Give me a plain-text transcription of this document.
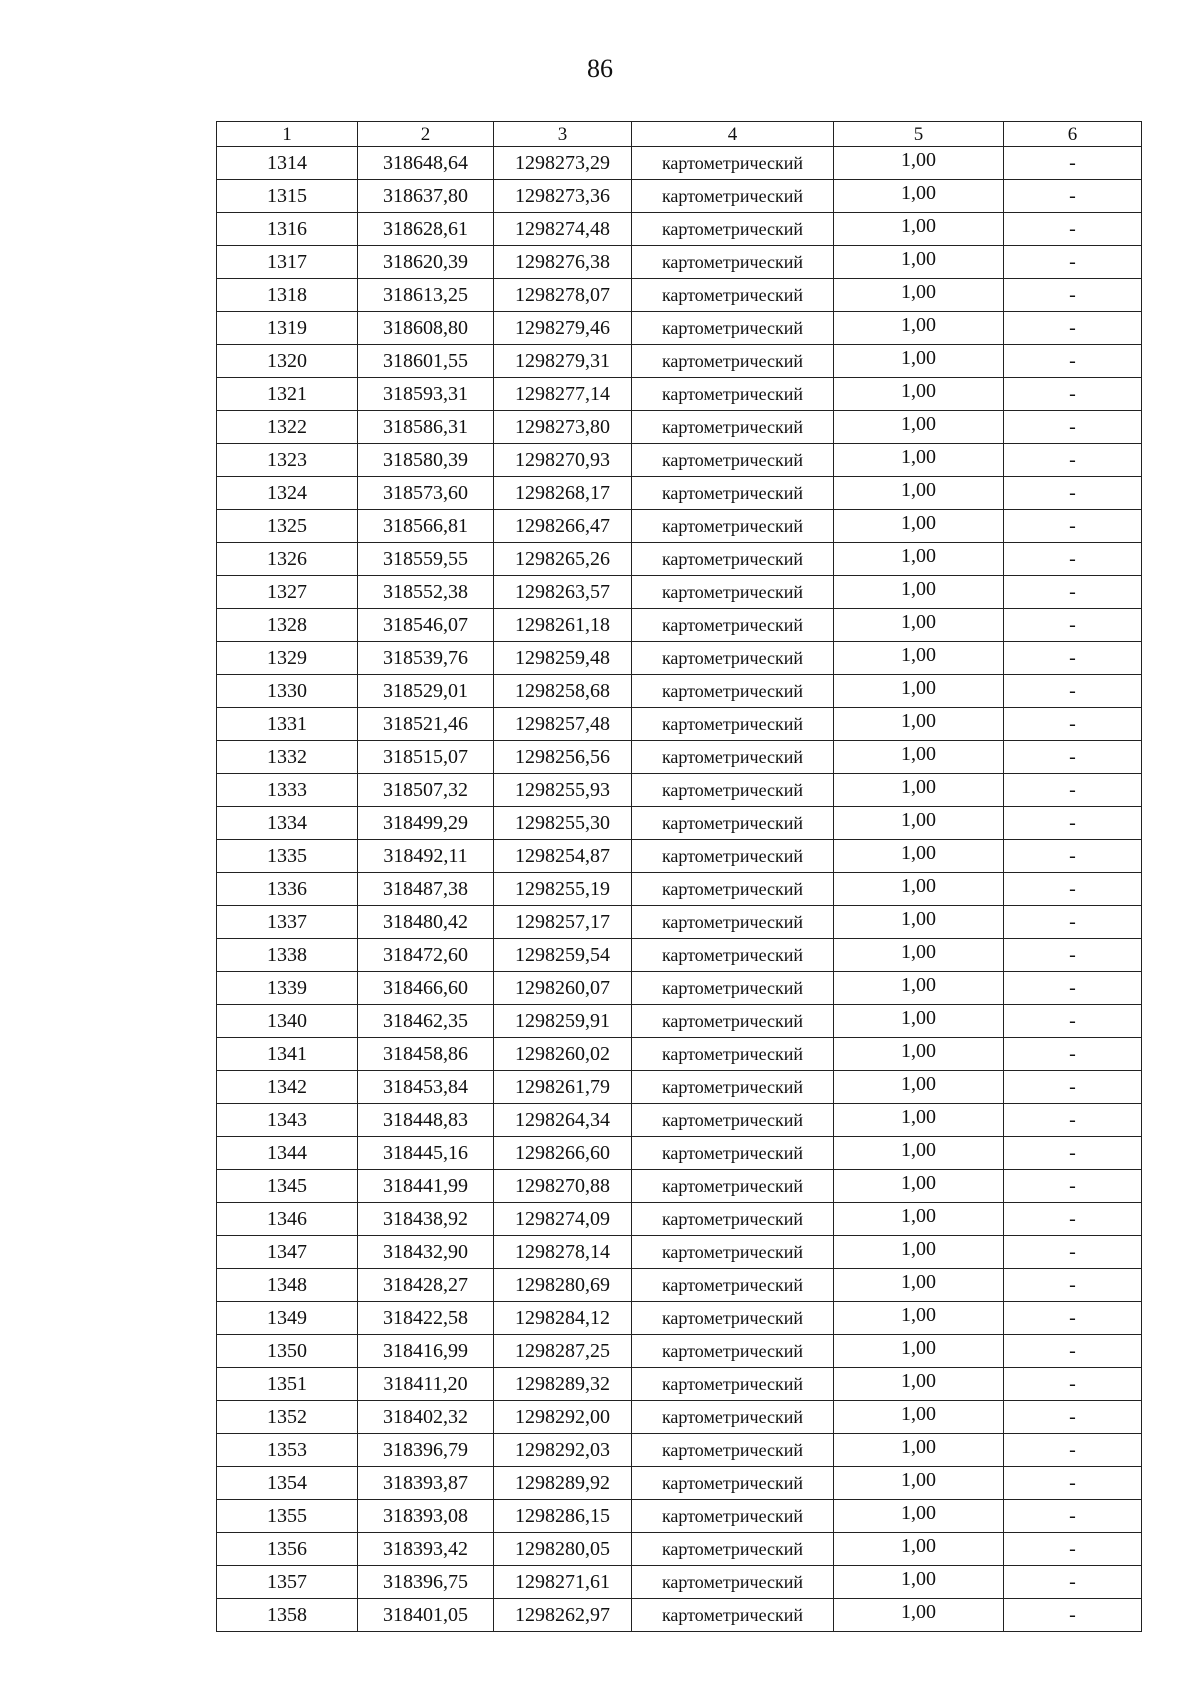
86
1	2	3	4	5	6
1314	318648,64	1298273,29	картометрический	1,00	-
1315	318637,80	1298273,36	картометрический	1,00	-
1316	318628,61	1298274,48	картометрический	1,00	-
1317	318620,39	1298276,38	картометрический	1,00	-
1318	318613,25	1298278,07	картометрический	1,00	-
1319	318608,80	1298279,46	картометрический	1,00	-
1320	318601,55	1298279,31	картометрический	1,00	-
1321	318593,31	1298277,14	картометрический	1,00	-
1322	318586,31	1298273,80	картометрический	1,00	-
1323	318580,39	1298270,93	картометрический	1,00	-
1324	318573,60	1298268,17	картометрический	1,00	-
1325	318566,81	1298266,47	картометрический	1,00	-
1326	318559,55	1298265,26	картометрический	1,00	-
1327	318552,38	1298263,57	картометрический	1,00	-
1328	318546,07	1298261,18	картометрический	1,00	-
1329	318539,76	1298259,48	картометрический	1,00	-
1330	318529,01	1298258,68	картометрический	1,00	-
1331	318521,46	1298257,48	картометрический	1,00	-
1332	318515,07	1298256,56	картометрический	1,00	-
1333	318507,32	1298255,93	картометрический	1,00	-
1334	318499,29	1298255,30	картометрический	1,00	-
1335	318492,11	1298254,87	картометрический	1,00	-
1336	318487,38	1298255,19	картометрический	1,00	-
1337	318480,42	1298257,17	картометрический	1,00	-
1338	318472,60	1298259,54	картометрический	1,00	-
1339	318466,60	1298260,07	картометрический	1,00	-
1340	318462,35	1298259,91	картометрический	1,00	-
1341	318458,86	1298260,02	картометрический	1,00	-
1342	318453,84	1298261,79	картометрический	1,00	-
1343	318448,83	1298264,34	картометрический	1,00	-
1344	318445,16	1298266,60	картометрический	1,00	-
1345	318441,99	1298270,88	картометрический	1,00	-
1346	318438,92	1298274,09	картометрический	1,00	-
1347	318432,90	1298278,14	картометрический	1,00	-
1348	318428,27	1298280,69	картометрический	1,00	-
1349	318422,58	1298284,12	картометрический	1,00	-
1350	318416,99	1298287,25	картометрический	1,00	-
1351	318411,20	1298289,32	картометрический	1,00	-
1352	318402,32	1298292,00	картометрический	1,00	-
1353	318396,79	1298292,03	картометрический	1,00	-
1354	318393,87	1298289,92	картометрический	1,00	-
1355	318393,08	1298286,15	картометрический	1,00	-
1356	318393,42	1298280,05	картометрический	1,00	-
1357	318396,75	1298271,61	картометрический	1,00	-
1358	318401,05	1298262,97	картометрический	1,00	-
